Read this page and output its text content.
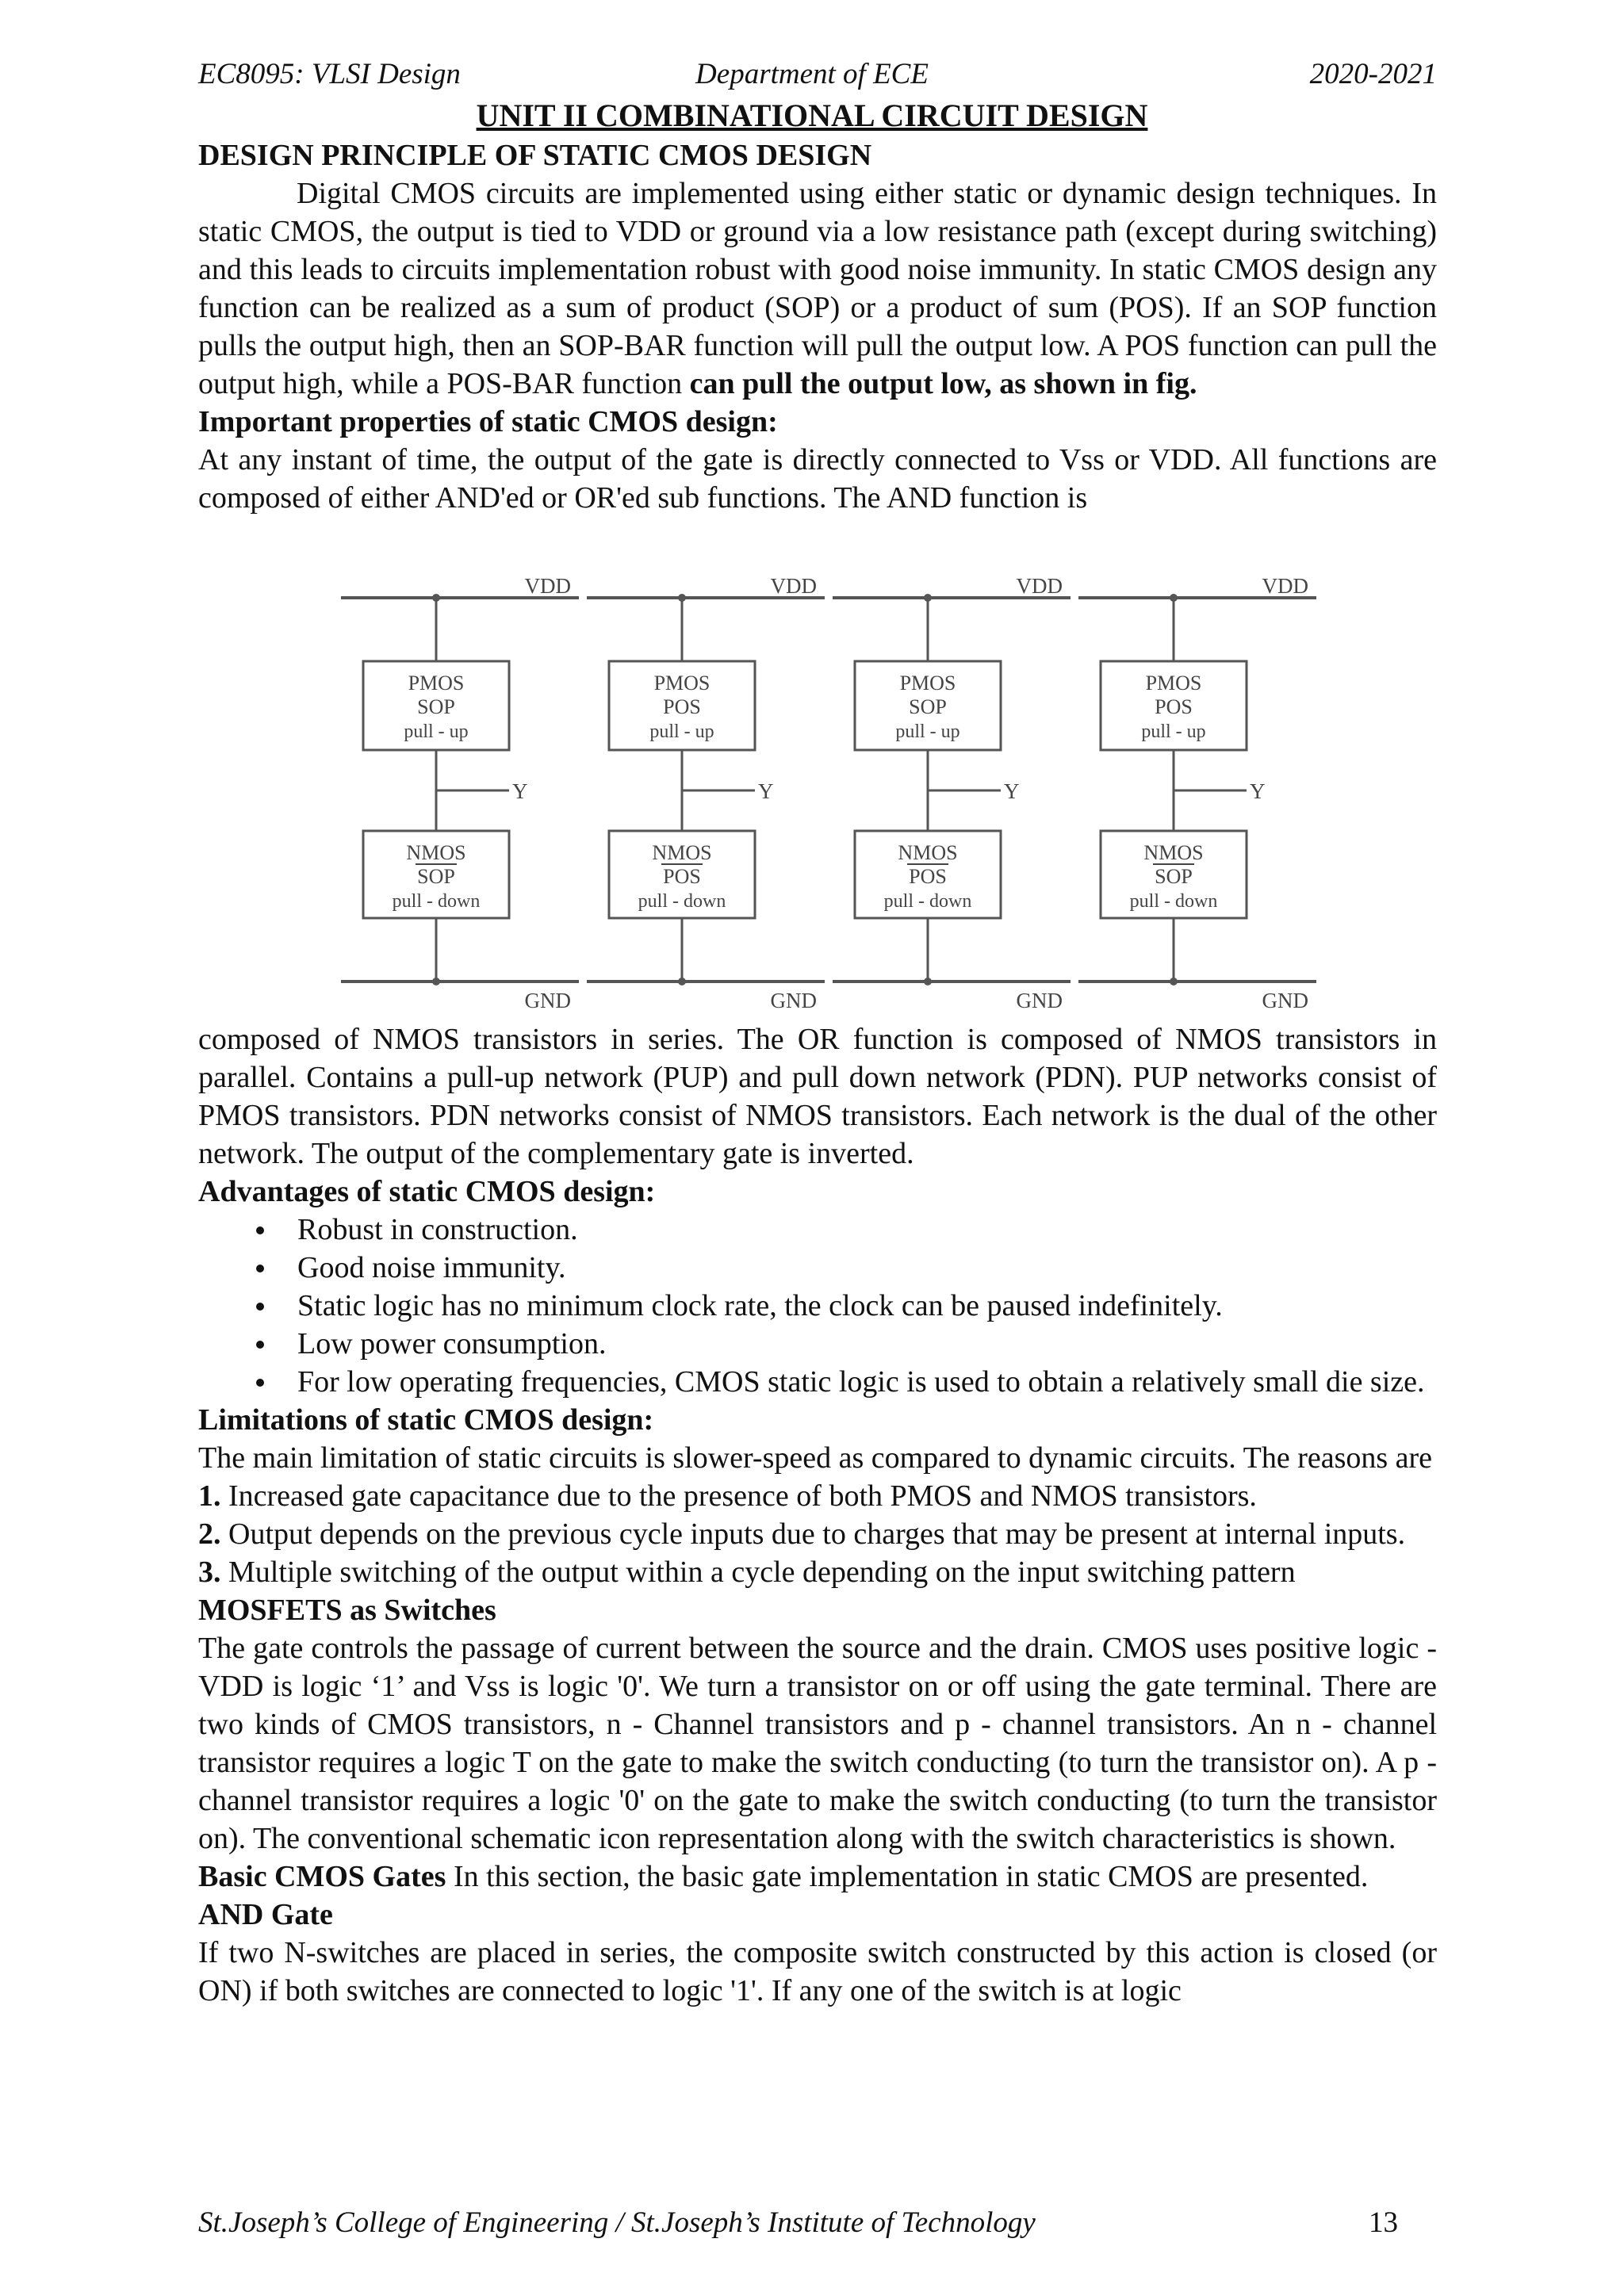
EC8095: VLSI Design	Department of ECE	2020-2021
UNIT II COMBINATIONAL CIRCUIT DESIGN
DESIGN PRINCIPLE OF STATIC CMOS DESIGN
Digital CMOS circuits are implemented using either static or dynamic design techniques. In static CMOS, the output is tied to VDD or ground via a low resistance path (except during switching) and this leads to circuits implementation robust with good noise immunity. In static CMOS design any function can be realized as a sum of product (SOP) or a product of sum (POS). If an SOP function pulls the output high, then an SOP-BAR function will pull the output low. A POS function can pull the output high, while a POS-BAR function can pull the output low, as shown in fig.
Important properties of static CMOS design:
At any instant of time, the output of the gate is directly connected to Vss or VDD. All functions are composed of either AND'ed or OR'ed sub functions. The AND function is
VDD
GND
Y
PMOS
SOP
pull - up
NMOS
SOP
pull - down
VDD
GND
Y
PMOS
POS
pull - up
NMOS
POS
pull - down
VDD
GND
Y
PMOS
SOP
pull - up
NMOS
POS
pull - down
VDD
GND
Y
PMOS
POS
pull - up
NMOS
SOP
pull - down
composed of NMOS transistors in series. The OR function is composed of NMOS transistors in parallel. Contains a pull-up network (PUP) and pull down network (PDN). PUP networks consist of PMOS transistors. PDN networks consist of NMOS transistors. Each network is the dual of the other network. The output of the complementary gate is inverted.
Advantages of static CMOS design:
Robust in construction.
Good noise immunity.
Static logic has no minimum clock rate, the clock can be paused indefinitely.
Low power consumption.
For low operating frequencies, CMOS static logic is used to obtain a relatively small die size.
Limitations of static CMOS design:
The main limitation of static circuits is slower-speed as compared to dynamic circuits. The reasons are
1. Increased gate capacitance due to the presence of both PMOS and NMOS transistors.
2. Output depends on the previous cycle inputs due to charges that may be present at internal inputs.
3. Multiple switching of the output within a cycle depending on the input switching pattern
MOSFETS as Switches
The gate controls the passage of current between the source and the drain. CMOS uses positive logic - VDD is logic ‘1’ and Vss is logic '0'. We turn a transistor on or off using the gate terminal. There are two kinds of CMOS transistors, n - Channel transistors and p - channel transistors. An n - channel transistor requires a logic T on the gate to make the switch conducting (to turn the transistor on). A p - channel transistor requires a logic '0' on the gate to make the switch conducting (to turn the transistor on). The conventional schematic icon representation along with the switch characteristics is shown.
Basic CMOS Gates In this section, the basic gate implementation in static CMOS are presented.
AND Gate
If two N-switches are placed in series, the composite switch constructed by this action is closed (or ON) if both switches are connected to logic '1'. If any one of the switch is at logic
St.Joseph’s College of Engineering / St.Joseph’s Institute of Technology	13
